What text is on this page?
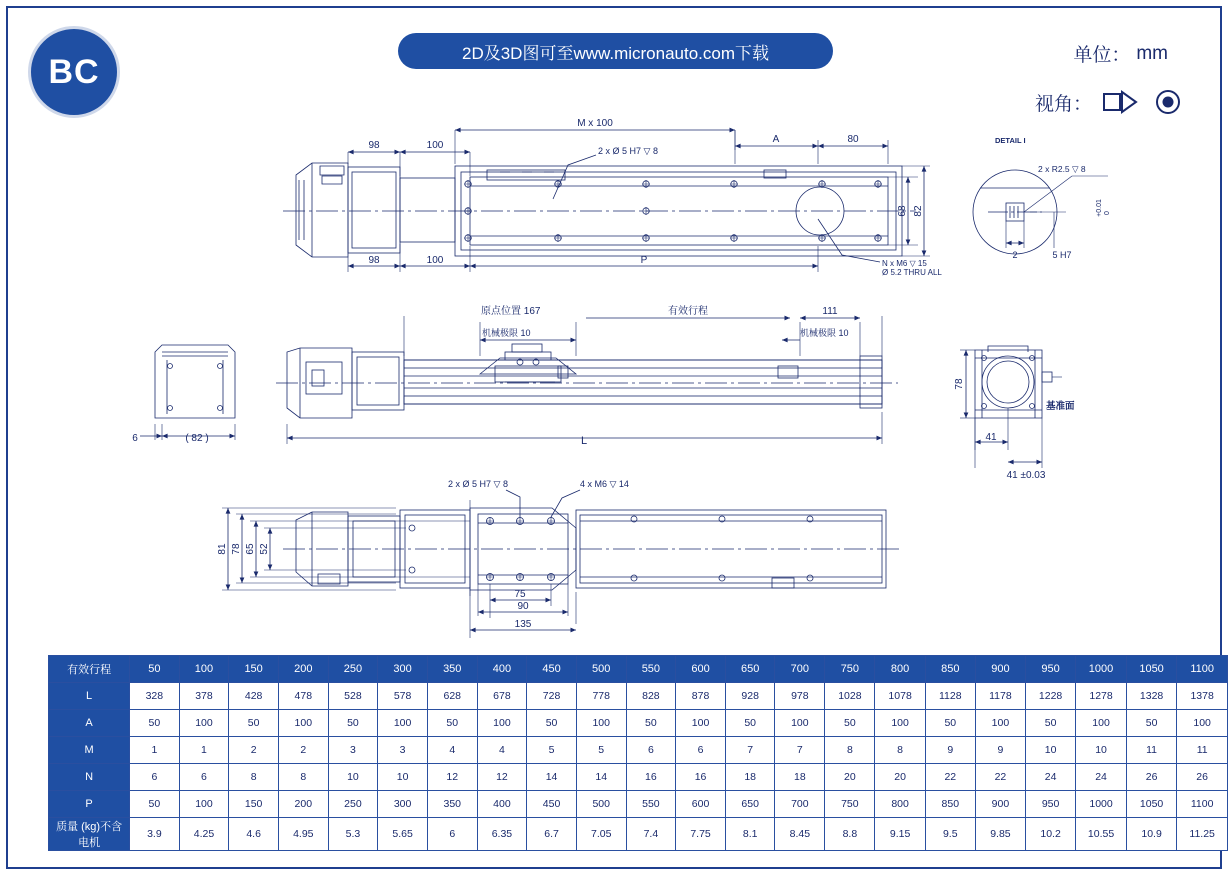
BC	2D及3D图可至www.micronauto.com下载	单位： mm
视角：
98	100
M x 100
A	80
98	100	P
2 x Ø 5 H7 ▽ 8
N x M6 ▽ 15
Ø 5.2 THRU ALL
68 82
DETAIL I
2 x R2.5 ▽ 8
2	5 H7
+0.01 0
原点位置 167
机械极限 10
有效行程	111
机械极限 10
L
6	( 82 )
78
41
41 ±0.03
基准面
2 x Ø 5 H7 ▽ 8	4 x M6 ▽ 14
81 78 65 52
75
90
135
有效行程	50	100	150	200	250	300	350	400	450	500	550	600	650	700	750	800	850	900	950	1000	1050	1100
L	328	378	428	478	528	578	628	678	728	778	828	878	928	978	1028	1078	1128	1178	1228	1278	1328	1378
A	50	100	50	100	50	100	50	100	50	100	50	100	50	100	50	100	50	100	50	100	50	100
M	1	1	2	2	3	3	4	4	5	5	6	6	7	7	8	8	9	9	10	10	11	11
N	6	6	8	8	10	10	12	12	14	14	16	16	18	18	20	20	22	22	24	24	26	26
P	50	100	150	200	250	300	350	400	450	500	550	600	650	700	750	800	850	900	950	1000	1050	1100
质量 (kg)不含电机	3.9	4.25	4.6	4.95	5.3	5.65	6	6.35	6.7	7.05	7.4	7.75	8.1	8.45	8.8	9.15	9.5	9.85	10.2	10.55	10.9	11.25
